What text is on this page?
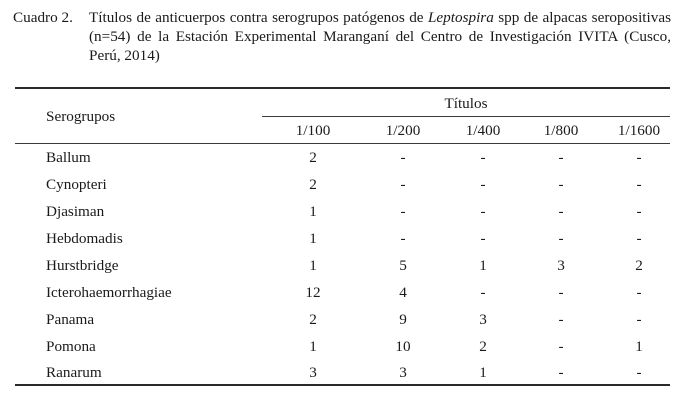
Cuadro 2. Títulos de anticuerpos contra serogrupos patógenos de Leptospira spp de alpacas seropositivas (n=54) de la Estación Experimental Maranganí del Centro de Investigación IVITA (Cusco, Perú, 2014)
Serogrupos
Títulos
1/100	1/200	1/400	1/800	1/1600
Ballum	2	-	-	-	-
Cynopteri	2	-	-	-	-
Djasiman	1	-	-	-	-
Hebdomadis	1	-	-	-	-
Hurstbridge	1	5	1	3	2
Icterohaemorrhagiae	12	4	-	-	-
Panama	2	9	3	-	-
Pomona	1	10	2	-	1
Ranarum	3	3	1	-	-
